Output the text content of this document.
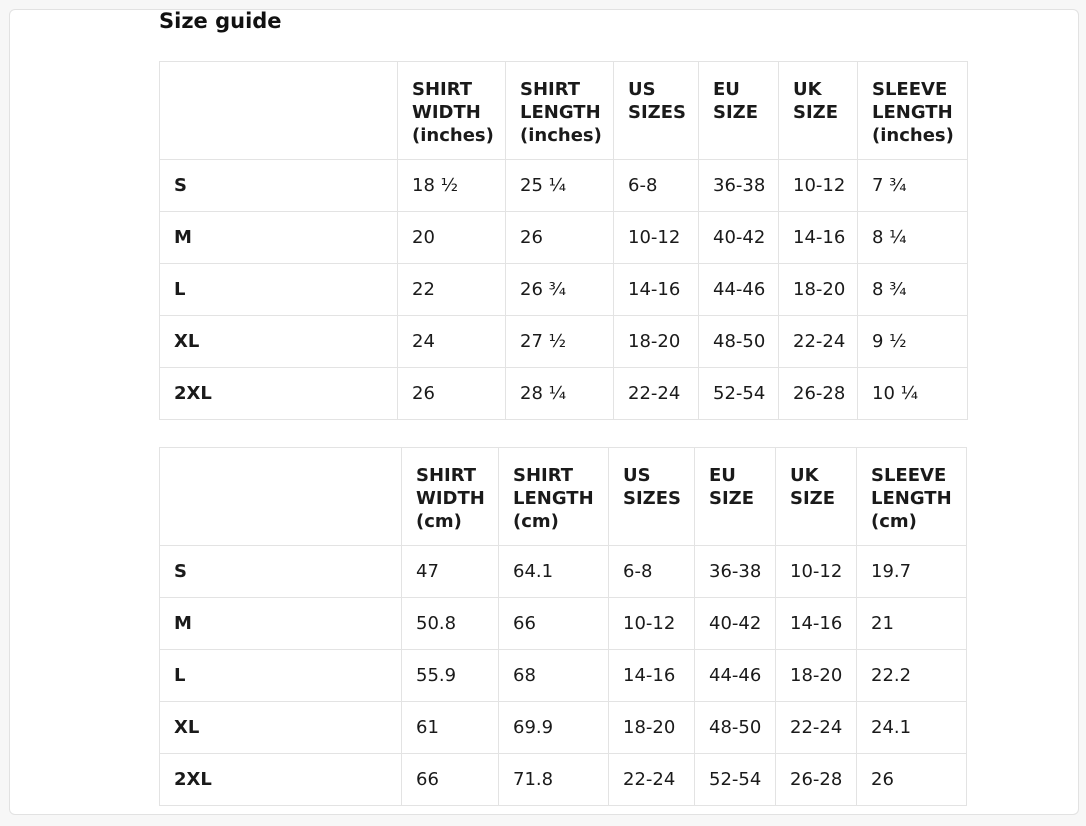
Size guide
	SHIRT WIDTH (inches)	SHIRT LENGTH (inches)	US SIZES	EU SIZE	UK SIZE	SLEEVE LENGTH (inches)
S	18 ½	25 ¼	6-8	36-38	10-12	7 ¾
M	20	26	10-12	40-42	14-16	8 ¼
L	22	26 ¾	14-16	44-46	18-20	8 ¾
XL	24	27 ½	18-20	48-50	22-24	9 ½
2XL	26	28 ¼	22-24	52-54	26-28	10 ¼
	SHIRT WIDTH (cm)	SHIRT LENGTH (cm)	US SIZES	EU SIZE	UK SIZE	SLEEVE LENGTH (cm)
S	47	64.1	6-8	36-38	10-12	19.7
M	50.8	66	10-12	40-42	14-16	21
L	55.9	68	14-16	44-46	18-20	22.2
XL	61	69.9	18-20	48-50	22-24	24.1
2XL	66	71.8	22-24	52-54	26-28	26
